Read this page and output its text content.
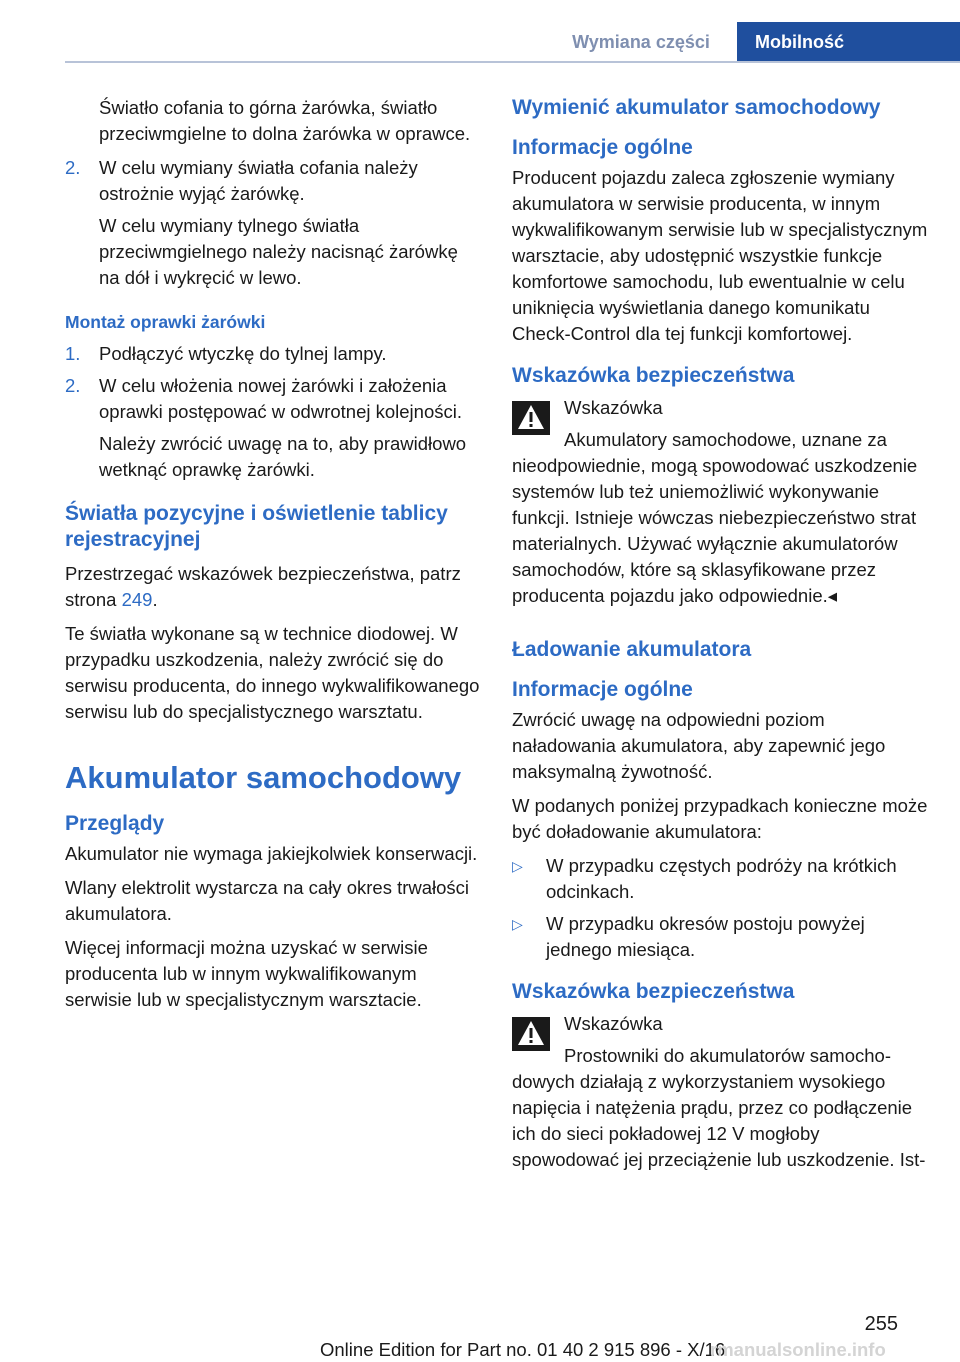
Wymiana części	Mobilność

Światło cofania to górna żarówka, światło przeciwmgielne to dolna żarówka w oprawce.

2.	W celu wymiany światła cofania należy ostrożnie wyjąć żarówkę.

W celu wymiany tylnego światła przeciwmgielnego należy nacisnąć żarówkę na dół i wykręcić w lewo.

Montaż oprawki żarówki
1.	Podłączyć wtyczkę do tylnej lampy.
2.	W celu włożenia nowej żarówki i założenia oprawki postępować w odwrotnej kolejności.

Należy zwrócić uwagę na to, aby prawidłowo wetknąć oprawkę żarówki.

Światła pozycyjne i oświetlenie tablicy rejestracyjnej

Przestrzegać wskazówek bezpieczeństwa, patrz strona 249.

Te światła wykonane są w technice diodowej. W przypadku uszkodzenia, należy zwrócić się do serwisu producenta, do innego wykwalifikowanego serwisu lub do specjalistycznego warsztatu.

Akumulator samochodowy
Przeglądy

Akumulator nie wymaga jakiejkolwiek konserwacji.

Wlany elektrolit wystarcza na cały okres trwałości akumulatora.

Więcej informacji można uzyskać w serwisie producenta lub w innym wykwalifikowanym serwisie lub w specjalistycznym warsztacie.

Wymienić akumulator samochodowy
Informacje ogólne

Producent pojazdu zaleca zgłoszenie wymiany akumulatora w serwisie producenta, w innym wykwalifikowanym serwisie lub w specjalistycznym warsztacie, aby udostępnić wszystkie funkcje komfortowe samochodu, lub ewentualnie w celu uniknięcia wyświetlania danego komunikatu Check-Control dla tej funkcji komfortowej.

Wskazówka bezpieczeństwa
Wskazówka
Akumulatory samochodowe, uznane za

nieodpowiednie, mogą spowodować uszkodzenie systemów lub też uniemożliwić wykonywanie funkcji. Istnieje wówczas niebezpieczeństwo strat materialnych. Używać wyłącznie akumulatorów samochodów, które są sklasyfikowane przez producenta pojazdu jako odpowiednie.◂

Ładowanie akumulatora
Informacje ogólne

Zwrócić uwagę na odpowiedni poziom naładowania akumulatora, aby zapewnić jego maksymalną żywotność.

W podanych poniżej przypadkach konieczne może być doładowanie akumulatora:

▷	W przypadku częstych podróży na krótkich odcinkach.
▷	W przypadku okresów postoju powyżej jednego miesiąca.
Wskazówka bezpieczeństwa
Wskazówka
Prostowniki do akumulatorów samocho-

dowych działają z wykorzystaniem wysokiego napięcia i natężenia prądu, przez co podłączenie ich do sieci pokładowej 12 V mogłoby spowodować jej przeciążenie lub uszkodzenie. Ist-

255
Online Edition for Part no. 01 40 2 915 896 - X/16
rmanualsonline.info
